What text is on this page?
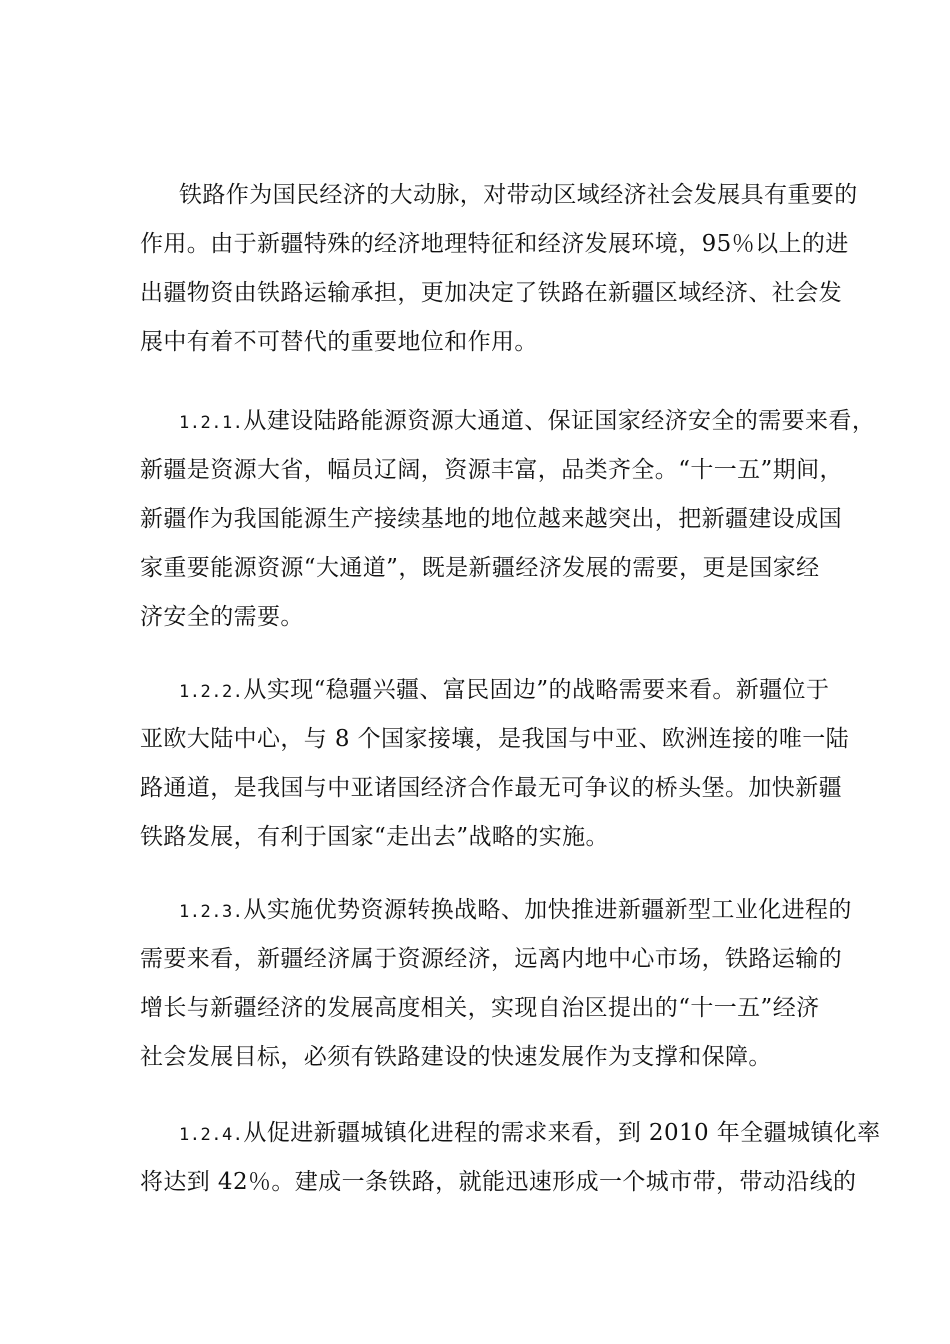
铁路作为国民经济的大动脉，对带动区域经济社会发展具有重要的
作用。由于新疆特殊的经济地理特征和经济发展环境，95％以上的进
出疆物资由铁路运输承担，更加决定了铁路在新疆区域经济、社会发
展中有着不可替代的重要地位和作用。
1.2.1.从建设陆路能源资源大通道、保证国家经济安全的需要来看，
新疆是资源大省，幅员辽阔，资源丰富，品类齐全。“十一五”期间，
新疆作为我国能源生产接续基地的地位越来越突出，把新疆建设成国
家重要能源资源“大通道”，既是新疆经济发展的需要，更是国家经
济安全的需要。
1.2.2.从实现“稳疆兴疆、富民固边”的战略需要来看。新疆位于
亚欧大陆中心，与 8 个国家接壤，是我国与中亚、欧洲连接的唯一陆
路通道，是我国与中亚诸国经济合作最无可争议的桥头堡。加快新疆
铁路发展，有利于国家“走出去”战略的实施。
1.2.3.从实施优势资源转换战略、加快推进新疆新型工业化进程的
需要来看，新疆经济属于资源经济，远离内地中心市场，铁路运输的
增长与新疆经济的发展高度相关，实现自治区提出的“十一五”经济
社会发展目标，必须有铁路建设的快速发展作为支撑和保障。
1.2.4.从促进新疆城镇化进程的需求来看，到 2010 年全疆城镇化率
将达到 42％。建成一条铁路，就能迅速形成一个城市带，带动沿线的
